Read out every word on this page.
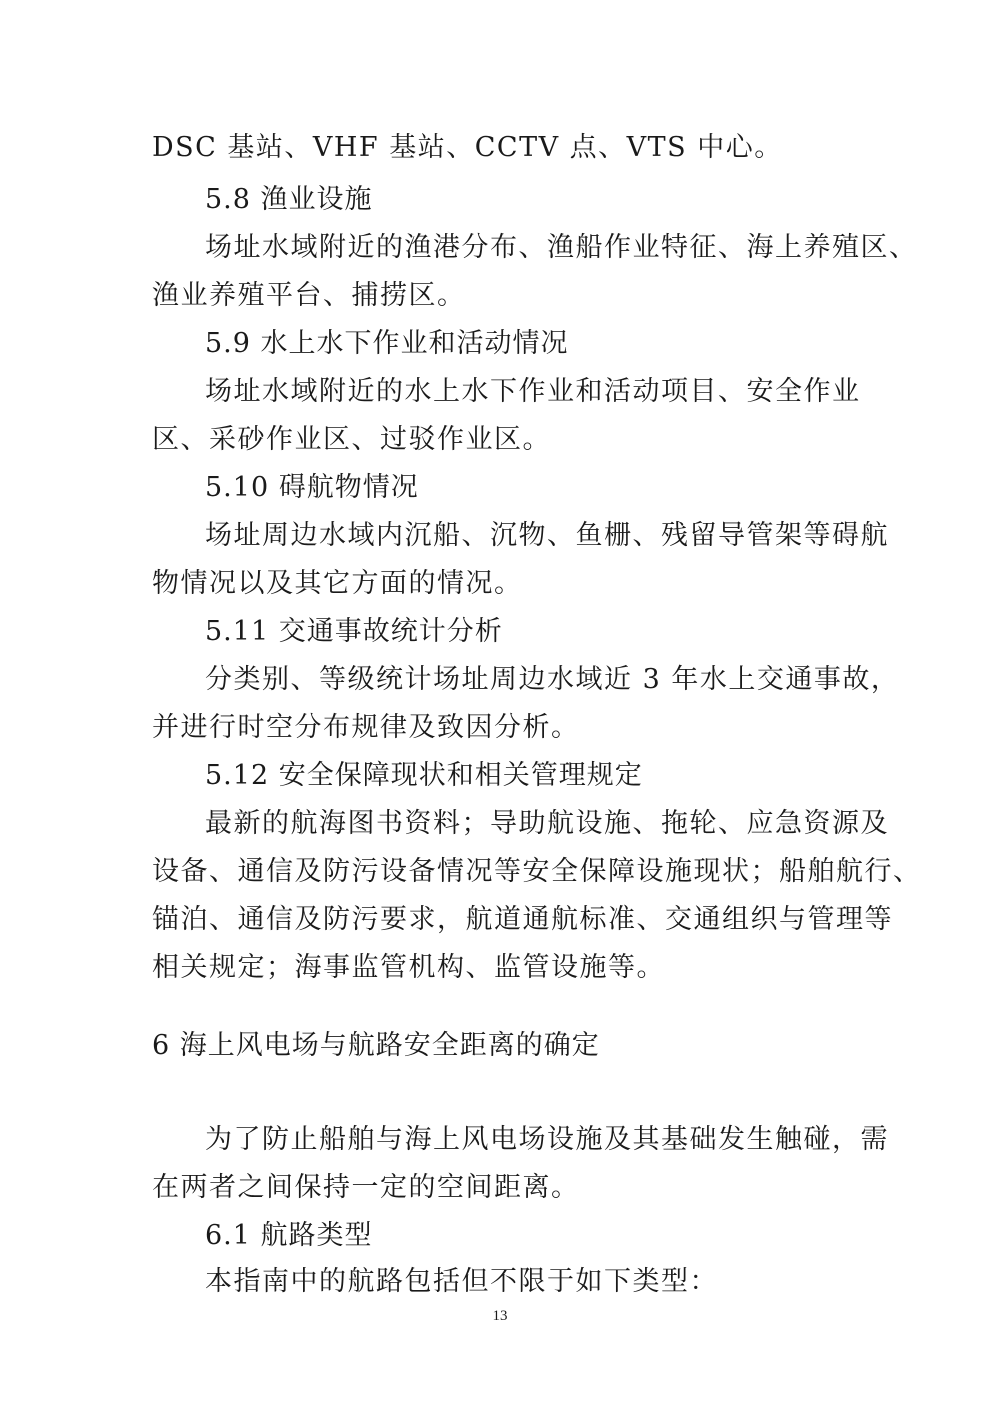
DSC 基站、VHF 基站、CCTV 点、VTS 中心。
5.8 渔业设施
场址水域附近的渔港分布、渔船作业特征、海上养殖区、
渔业养殖平台、捕捞区。
5.9 水上水下作业和活动情况
场址水域附近的水上水下作业和活动项目、安全作业
区、采砂作业区、过驳作业区。
5.10 碍航物情况
场址周边水域内沉船、沉物、鱼栅、残留导管架等碍航
物情况以及其它方面的情况。
5.11 交通事故统计分析
分类别、等级统计场址周边水域近 3 年水上交通事故，
并进行时空分布规律及致因分析。
5.12 安全保障现状和相关管理规定
最新的航海图书资料；导助航设施、拖轮、应急资源及
设备、通信及防污设备情况等安全保障设施现状；船舶航行、
锚泊、通信及防污要求，航道通航标准、交通组织与管理等
相关规定；海事监管机构、监管设施等。
6 海上风电场与航路安全距离的确定
为了防止船舶与海上风电场设施及其基础发生触碰，需
在两者之间保持一定的空间距离。
6.1 航路类型
本指南中的航路包括但不限于如下类型：
13
